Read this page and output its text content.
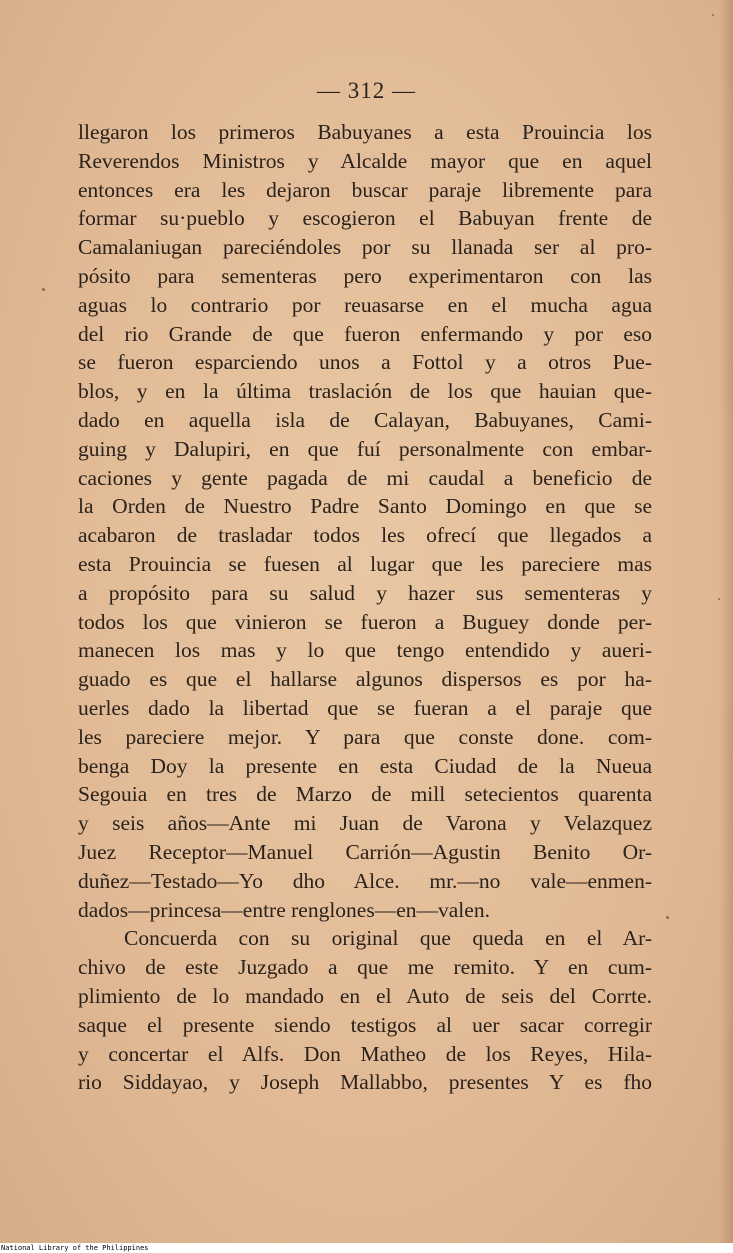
— 312 —
llegaron los primeros Babuyanes a esta Prouincia los
Reverendos Ministros y Alcalde mayor que en aquel
entonces era les dejaron buscar paraje libremente para
formar su·pueblo y escogieron el Babuyan frente de
Camalaniugan pareciéndoles por su llanada ser al pro-
pósito para sementeras pero experimentaron con las
aguas lo contrario por reuasarse en el mucha agua
del rio Grande de que fueron enfermando y por eso
se fueron esparciendo unos a Fottol y a otros Pue-
blos, y en la última traslación de los que hauian que-
dado en aquella isla de Calayan, Babuyanes, Cami-
guing y Dalupiri, en que fuí personalmente con embar-
caciones y gente pagada de mi caudal a beneficio de
la Orden de Nuestro Padre Santo Domingo en que se
acabaron de trasladar todos les ofrecí que llegados a
esta Prouincia se fuesen al lugar que les pareciere mas
a propósito para su salud y hazer sus sementeras y
todos los que vinieron se fueron a Buguey donde per-
manecen los mas y lo que tengo entendido y aueri-
guado es que el hallarse algunos dispersos es por ha-
uerles dado la libertad que se fueran a el paraje que
les pareciere mejor. Y para que conste done. com-
benga Doy la presente en esta Ciudad de la Nueua
Segouia en tres de Marzo de mill setecientos quarenta
y seis años—Ante mi Juan de Varona y Velazquez
Juez Receptor—Manuel Carrión—Agustin Benito Or-
duñez—Testado—Yo dho Alce. mr.—no vale—enmen-
dados—princesa—entre renglones—en—valen.
Concuerda con su original que queda en el Ar-
chivo de este Juzgado a que me remito. Y en cum-
plimiento de lo mandado en el Auto de seis del Corrte.
saque el presente siendo testigos al uer sacar corregir
y concertar el Alfs. Don Matheo de los Reyes, Hila-
rio Siddayao, y Joseph Mallabbo, presentes Y es fho
National Library of the Philippines
